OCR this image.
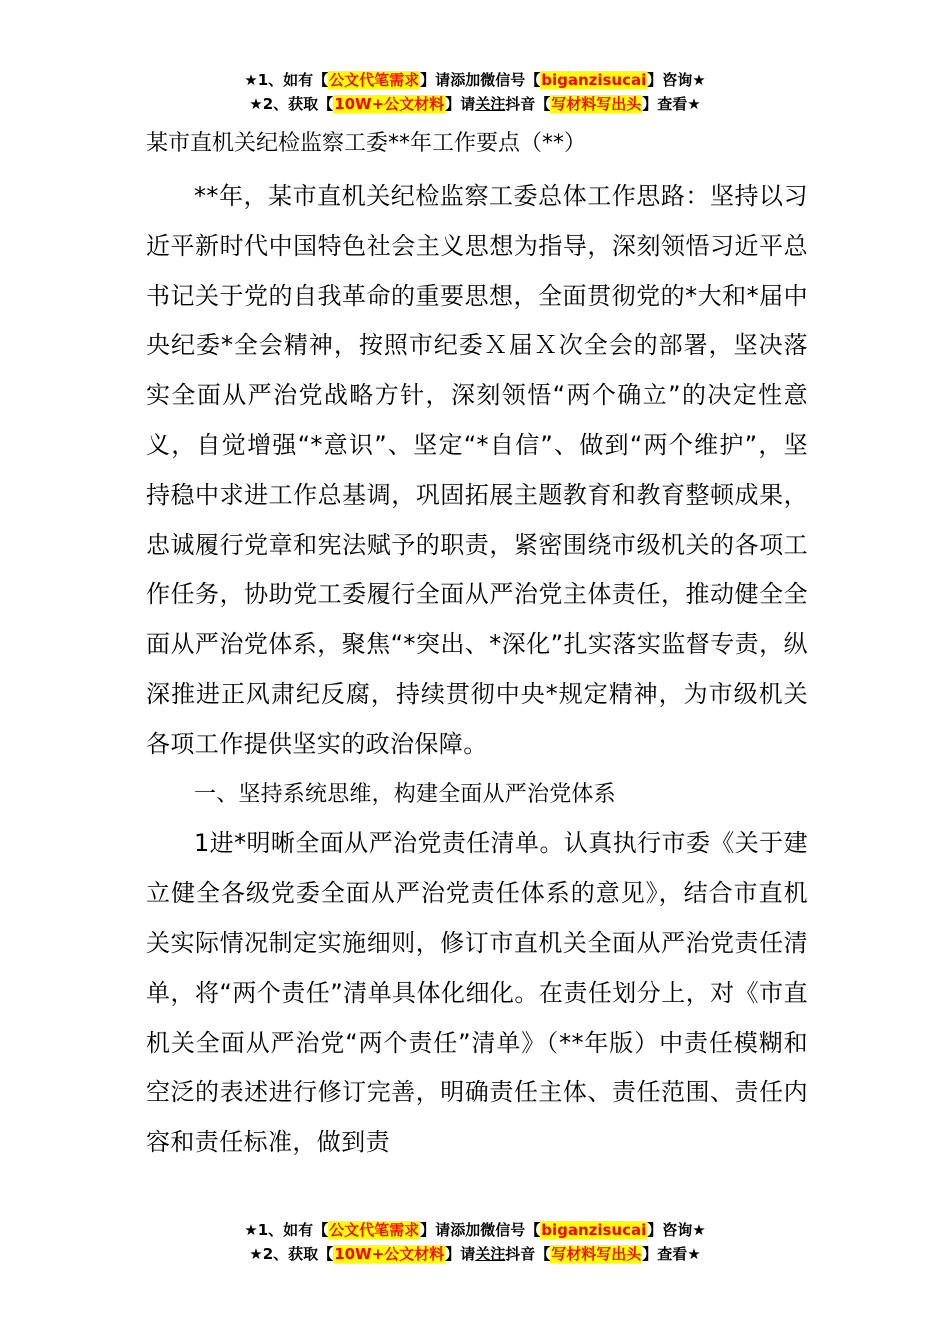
★1、如有【公文代笔需求】请添加微信号【biganzisucai】咨询★
★2、获取【10W+公文材料】请关注抖音【写材料写出头】查看★
某市直机关纪检监察工委**年工作要点（**）

**年，某市直机关纪检监察工委总体工作思路：坚持以习近平新时代中国特色社会主义思想为指导，深刻领悟习近平总书记关于党的自我革命的重要思想，全面贯彻党的*大和*届中央纪委*全会精神，按照市纪委Ｘ届Ｘ次全会的部署，坚决落实全面从严治党战略方针，深刻领悟“两个确立”的决定性意义，自觉增强“*意识”、坚定“*自信”、做到“两个维护”，坚持稳中求进工作总基调，巩固拓展主题教育和教育整顿成果，忠诚履行党章和宪法赋予的职责，紧密围绕市级机关的各项工作任务，协助党工委履行全面从严治党主体责任，推动健全全面从严治党体系，聚焦“*突出、*深化”扎实落实监督专责，纵深推进正风肃纪反腐，持续贯彻中央*规定精神，为市级机关各项工作提供坚实的政治保障。

一、坚持系统思维，构建全面从严治党体系

1进*明晰全面从严治党责任清单。认真执行市委《关于建立健全各级党委全面从严治党责任体系的意见》，结合市直机关实际情况制定实施细则，修订市直机关全面从严治党责任清单，将“两个责任”清单具体化细化。在责任划分上，对《市直机关全面从严治党“两个责任”清单》（**年版）中责任模糊和空泛的表述进行修订完善，明确责任主体、责任范围、责任内容和责任标准，做到责

★1、如有【公文代笔需求】请添加微信号【biganzisucai】咨询★
★2、获取【10W+公文材料】请关注抖音【写材料写出头】查看★
